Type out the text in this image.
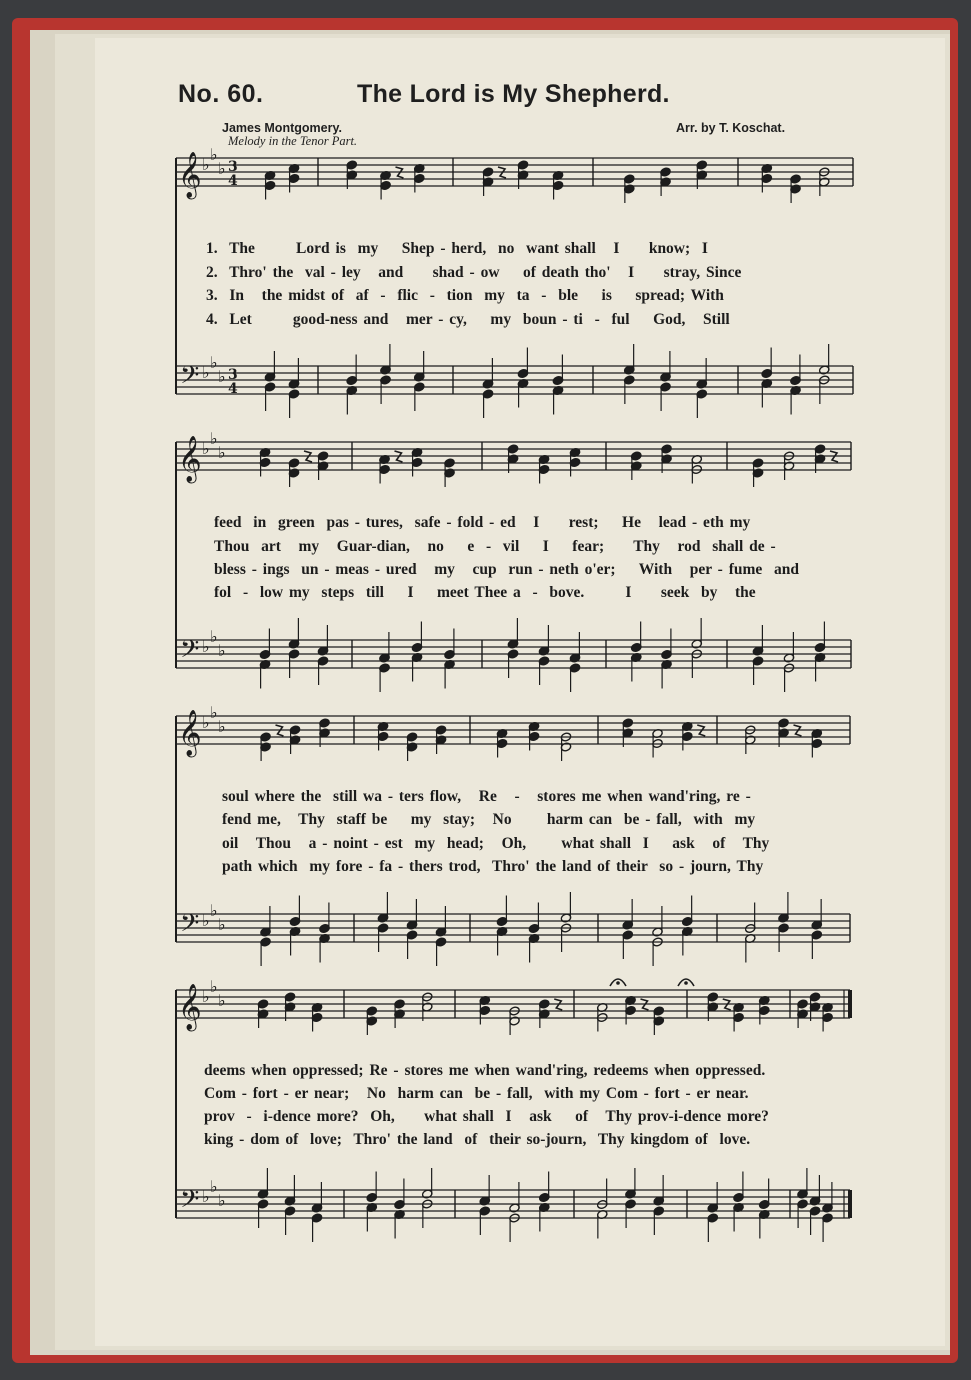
No. 60.	The Lord is My Shepherd.
James Montgomery.
Melody in the Tenor Part.
Arr. by T. Koschat.
𝄞
𝄢
♭
♭
♭
♭
♭
♭
3
4
3
4
𝄞
𝄢
♭
♭
♭
♭
♭
♭
𝄞
𝄢
♭
♭
♭
♭
♭
♭
𝄞
𝄢
♭
♭
♭
♭
♭
♭
1.  The       Lord is  my    Shep - herd,  no  want shall   I     know;  I
2.  Thro' the  val - ley   and     shad - ow    of death tho'   I     stray, Since
3.  In   the midst of  af  -  flic  -  tion  my  ta  -  ble    is    spread; With
4.  Let       good-ness and   mer - cy,    my  boun - ti  -  ful    God,   Still
feed  in  green  pas - tures,  safe - fold - ed   I     rest;    He   lead - eth my
Thou  art   my   Guar-dian,   no    e  -  vil    I    fear;     Thy   rod  shall de -
bless - ings  un - meas - ured   my   cup  run - neth o'er;    With   per - fume  and
fol  -  low my  steps  till    I    meet Thee a  -  bove.       I     seek  by   the
soul where the  still wa - ters flow,   Re   -   stores me when wand'ring, re -
fend me,   Thy  staff be    my  stay;   No      harm can  be - fall,  with  my
oil   Thou   a - noint - est  my  head;   Oh,      what shall  I    ask   of   Thy
path which  my fore - fa - thers trod,  Thro' the land of their  so - journ, Thy
deems when oppressed; Re - stores me when wand'ring, redeems when oppressed.
Com - fort - er near;   No  harm can  be - fall,  with my Com - fort - er near.
prov  -  i-dence more?  Oh,     what shall  I   ask    of   Thy prov-i-dence more?
king - dom of  love;  Thro' the land  of  their so-journ,  Thy kingdom of  love.
